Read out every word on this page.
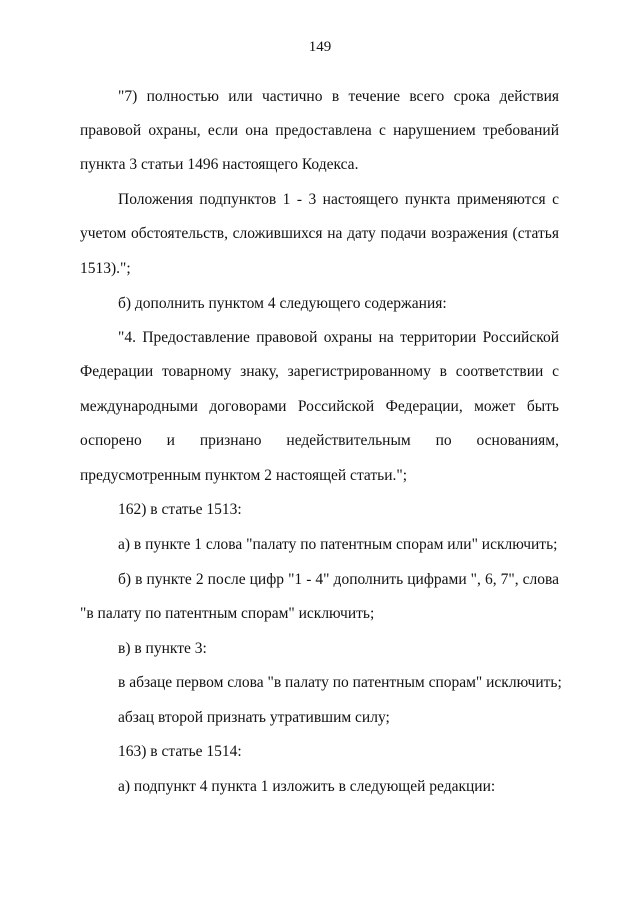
149
"7) полностью или частично в течение всего срока действия
правовой охраны, если она предоставлена с нарушением требований
пункта 3 статьи 1496 настоящего Кодекса.
Положения подпунктов 1 - 3 настоящего пункта применяются с
учетом обстоятельств, сложившихся на дату подачи возражения (статья
1513).";
б) дополнить пунктом 4 следующего содержания:
"4. Предоставление правовой охраны на территории Российской
Федерации товарному знаку, зарегистрированному в соответствии с
международными договорами Российской Федерации, может быть
оспорено и признано недействительным по основаниям,
предусмотренным пунктом 2 настоящей статьи.";
162) в статье 1513:
а) в пункте 1 слова "палату по патентным спорам или" исключить;
б) в пункте 2 после цифр "1 - 4" дополнить цифрами ", 6, 7", слова
"в палату по патентным спорам" исключить;
в) в пункте 3:
в абзаце первом слова "в палату по патентным спорам" исключить;
абзац второй признать утратившим силу;
163) в статье 1514:
а) подпункт 4 пункта 1 изложить в следующей редакции:
